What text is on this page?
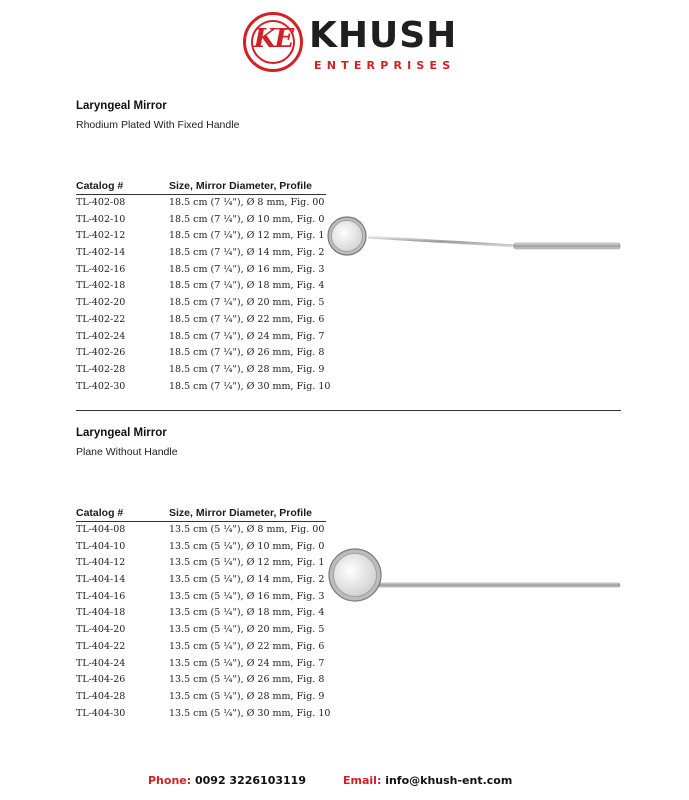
KE KHUSH
ENTERPRISES
Laryngeal Mirror
Rhodium Plated With Fixed Handle
Catalog #	Size, Mirror Diameter, Profile
TL-402-08	18.5 cm (7 ¼"), Ø 8 mm, Fig. 00
TL-402-10	18.5 cm (7 ¼"), Ø 10 mm, Fig. 0
TL-402-12	18.5 cm (7 ¼"), Ø 12 mm, Fig. 1
TL-402-14	18.5 cm (7 ¼"), Ø 14 mm, Fig. 2
TL-402-16	18.5 cm (7 ¼"), Ø 16 mm, Fig. 3
TL-402-18	18.5 cm (7 ¼"), Ø 18 mm, Fig. 4
TL-402-20	18.5 cm (7 ¼"), Ø 20 mm, Fig. 5
TL-402-22	18.5 cm (7 ¼"), Ø 22 mm, Fig. 6
TL-402-24	18.5 cm (7 ¼"), Ø 24 mm, Fig. 7
TL-402-26	18.5 cm (7 ¼"), Ø 26 mm, Fig. 8
TL-402-28	18.5 cm (7 ¼"), Ø 28 mm, Fig. 9
TL-402-30	18.5 cm (7 ¼"), Ø 30 mm, Fig. 10
Laryngeal Mirror
Plane Without Handle
Catalog #	Size, Mirror Diameter, Profile
TL-404-08	13.5 cm (5 ¼"), Ø 8 mm, Fig. 00
TL-404-10	13.5 cm (5 ¼"), Ø 10 mm, Fig. 0
TL-404-12	13.5 cm (5 ¼"), Ø 12 mm, Fig. 1
TL-404-14	13.5 cm (5 ¼"), Ø 14 mm, Fig. 2
TL-404-16	13.5 cm (5 ¼"), Ø 16 mm, Fig. 3
TL-404-18	13.5 cm (5 ¼"), Ø 18 mm, Fig. 4
TL-404-20	13.5 cm (5 ¼"), Ø 20 mm, Fig. 5
TL-404-22	13.5 cm (5 ¼"), Ø 22 mm, Fig. 6
TL-404-24	13.5 cm (5 ¼"), Ø 24 mm, Fig. 7
TL-404-26	13.5 cm (5 ¼"), Ø 26 mm, Fig. 8
TL-404-28	13.5 cm (5 ¼"), Ø 28 mm, Fig. 9
TL-404-30	13.5 cm (5 ¼"), Ø 30 mm, Fig. 10
Phone: 0092 3226103119	Email: info@khush-ent.com
